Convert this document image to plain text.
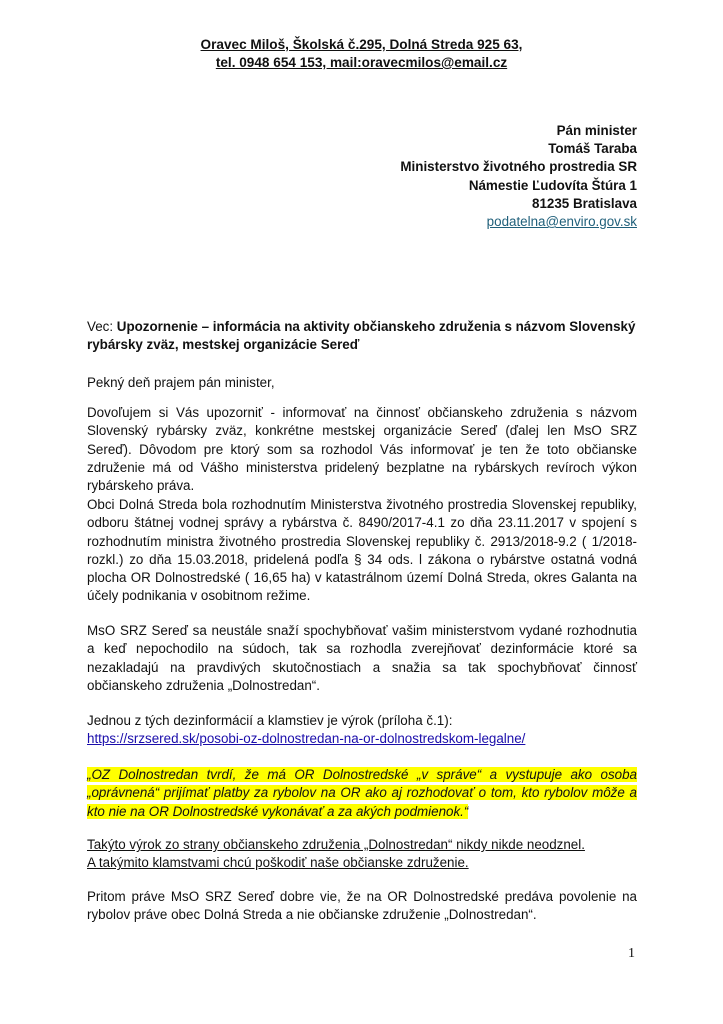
Oravec Miloš, Školská č.295, Dolná Streda 925 63,
tel. 0948 654 153, mail:oravecmilos@email.cz
Pán minister
Tomáš Taraba
Ministerstvo životného prostredia SR
Námestie Ľudovíta Štúra 1
81235 Bratislava
podatelna@enviro.gov.sk
Vec: Upozornenie – informácia na aktivity občianskeho združenia s názvom Slovenský rybársky zväz, mestskej organizácie Sereď
Pekný deň prajem pán minister,
Dovoľujem si Vás upozorniť - informovať na činnosť občianskeho združenia s názvom Slovenský rybársky zväz, konkrétne mestskej organizácie Sereď (ďalej len MsO SRZ Sereď). Dôvodom pre ktorý som sa rozhodol Vás informovať je ten že toto občianske združenie má od Vášho ministerstva pridelený bezplatne na rybárskych revíroch výkon rybárskeho práva.
Obci Dolná Streda bola rozhodnutím Ministerstva životného prostredia Slovenskej republiky, odboru štátnej vodnej správy a rybárstva č. 8490/2017-4.1 zo dňa 23.11.2017 v spojení s rozhodnutím ministra životného prostredia Slovenskej republiky č. 2913/2018-9.2 ( 1/2018-rozkl.) zo dňa 15.03.2018, pridelená podľa § 34 ods. l zákona o rybárstve ostatná vodná plocha OR Dolnostredské ( 16,65 ha) v katastrálnom území Dolná Streda, okres Galanta na účely podnikania v osobitnom režime.
MsO SRZ Sereď sa neustále snaží spochybňovať vašim ministerstvom vydané rozhodnutia a keď nepochodilo na súdoch, tak sa rozhodla zverejňovať dezinformácie ktoré sa nezakladajú na pravdivých skutočnostiach a snažia sa tak spochybňovať činnosť občianskeho združenia „Dolnostredan“.
Jednou z tých dezinformácií a klamstiev je výrok (príloha č.1):
https://srzsered.sk/posobi-oz-dolnostredan-na-or-dolnostredskom-legalne/
„OZ Dolnostredan tvrdí, že má OR Dolnostredské „v správe“ a vystupuje ako osoba „oprávnená“ prijímať platby za rybolov na OR ako aj rozhodovať o tom, kto rybolov môže a kto nie na OR Dolnostredské vykonávať a za akých podmienok.“
Takýto výrok zo strany občianskeho združenia „Dolnostredan“ nikdy nikde neodznel.
A takýmito klamstvami chcú poškodiť naše občianske združenie.
Pritom práve MsO SRZ Sereď dobre vie, že na OR Dolnostredské predáva povolenie na rybolov práve obec Dolná Streda a nie občianske združenie „Dolnostredan“.
1
